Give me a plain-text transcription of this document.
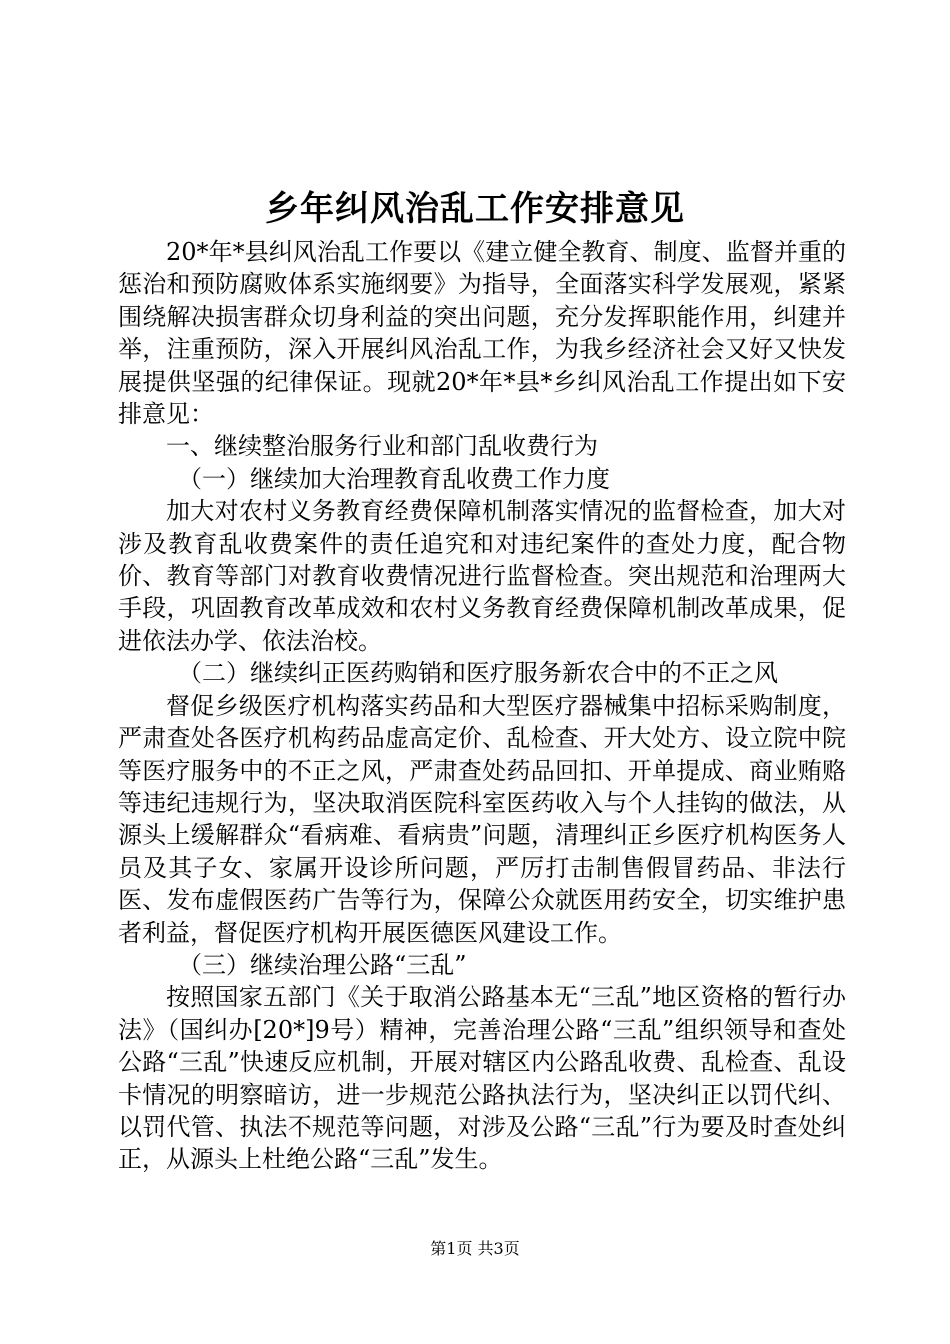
乡年纠风治乱工作安排意见

20*年*县纠风治乱工作要以《建立健全教育、制度、监督并重的惩治和预防腐败体系实施纲要》为指导，全面落实科学发展观，紧紧围绕解决损害群众切身利益的突出问题，充分发挥职能作用，纠建并举，注重预防，深入开展纠风治乱工作，为我乡经济社会又好又快发展提供坚强的纪律保证。现就20*年*县*乡纠风治乱工作提出如下安排意见：

一、继续整治服务行业和部门乱收费行为

（一）继续加大治理教育乱收费工作力度

加大对农村义务教育经费保障机制落实情况的监督检查，加大对涉及教育乱收费案件的责任追究和对违纪案件的查处力度，配合物价、教育等部门对教育收费情况进行监督检查。突出规范和治理两大手段，巩固教育改革成效和农村义务教育经费保障机制改革成果，促进依法办学、依法治校。

（二）继续纠正医药购销和医疗服务新农合中的不正之风

督促乡级医疗机构落实药品和大型医疗器械集中招标采购制度，严肃查处各医疗机构药品虚高定价、乱检查、开大处方、设立院中院等医疗服务中的不正之风，严肃查处药品回扣、开单提成、商业贿赂等违纪违规行为，坚决取消医院科室医药收入与个人挂钩的做法，从源头上缓解群众“看病难、看病贵”问题，清理纠正乡医疗机构医务人员及其子女、家属开设诊所问题，严厉打击制售假冒药品、非法行医、发布虚假医药广告等行为，保障公众就医用药安全，切实维护患者利益，督促医疗机构开展医德医风建设工作。

（三）继续治理公路“三乱”

按照国家五部门《关于取消公路基本无“三乱”地区资格的暂行办法》（国纠办[20*]9号）精神，完善治理公路“三乱”组织领导和查处公路“三乱”快速反应机制，开展对辖区内公路乱收费、乱检查、乱设卡情况的明察暗访，进一步规范公路执法行为，坚决纠正以罚代纠、以罚代管、执法不规范等问题，对涉及公路“三乱”行为要及时查处纠正，从源头上杜绝公路“三乱”发生。

第1页 共3页
